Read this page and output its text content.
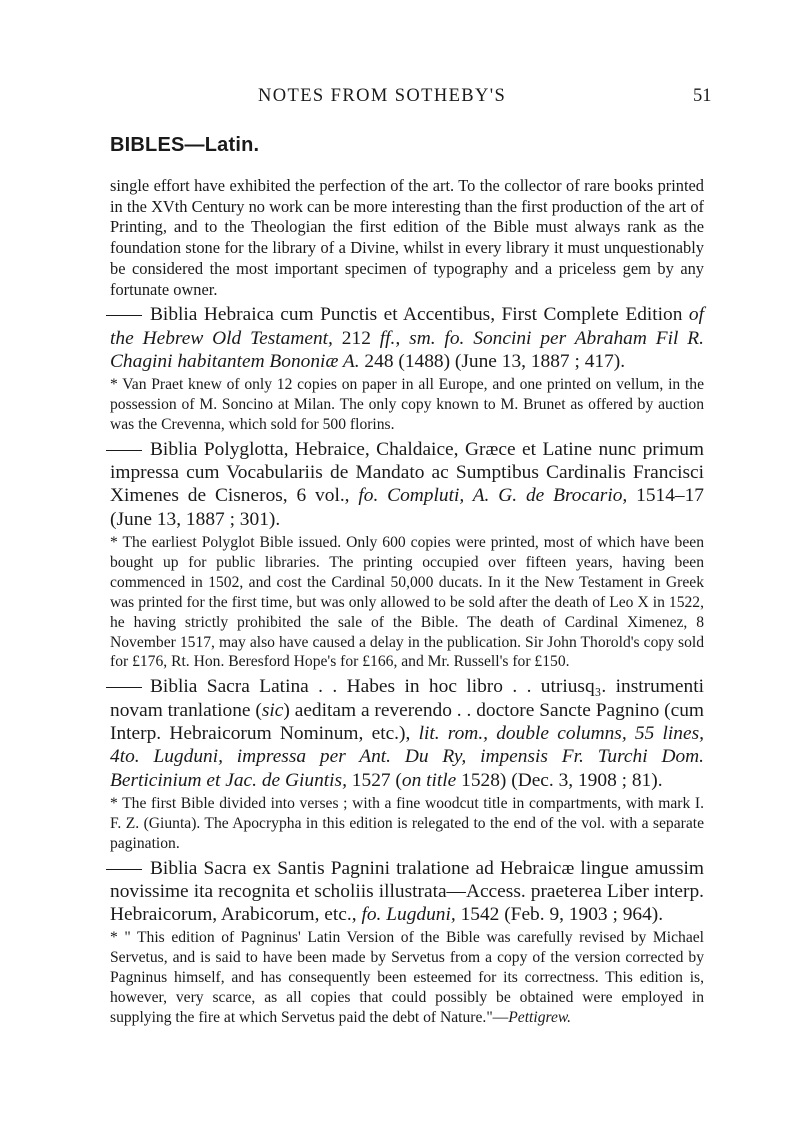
NOTES FROM SOTHEBY'S	51
BIBLES—Latin.

single effort have exhibited the perfection of the art. To the collector of rare books printed in the XVth Century no work can be more interesting than the first production of the art of Printing, and to the Theologian the first edition of the Bible must always rank as the foundation stone for the library of a Divine, whilst in every library it must unquestionably be considered the most important specimen of typography and a priceless gem by any fortunate owner.

Biblia Hebraica cum Punctis et Accentibus, First Complete Edition of the Hebrew Old Testament, 212 ff., sm. fo. Soncini per Abraham Fil R. Chagini habitantem Bononiæ A. 248 (1488) (June 13, 1887 ; 417).

* Van Praet knew of only 12 copies on paper in all Europe, and one printed on vellum, in the possession of M. Soncino at Milan. The only copy known to M. Brunet as offered by auction was the Crevenna, which sold for 500 florins.

Biblia Polyglotta, Hebraice, Chaldaice, Græce et Latine nunc primum impressa cum Vocabulariis de Mandato ac Sumptibus Cardinalis Francisci Ximenes de Cisneros, 6 vol., fo. Compluti, A. G. de Brocario, 1514–17 (June 13, 1887 ; 301).

* The earliest Polyglot Bible issued. Only 600 copies were printed, most of which have been bought up for public libraries. The printing occupied over fifteen years, having been commenced in 1502, and cost the Cardinal 50,000 ducats. In it the New Testament in Greek was printed for the first time, but was only allowed to be sold after the death of Leo X in 1522, he having strictly prohibited the sale of the Bible. The death of Cardinal Ximenez, 8 November 1517, may also have caused a delay in the publication. Sir John Thorold's copy sold for £176, Rt. Hon. Beresford Hope's for £166, and Mr. Russell's for £150.

Biblia Sacra Latina . . Habes in hoc libro . . utriusq₃. instrumenti novam tranlatione (sic) aeditam a reverendo . . doctore Sancte Pagnino (cum Interp. Hebraicorum Nominum, etc.), lit. rom., double columns, 55 lines, 4to. Lugduni, impressa per Ant. Du Ry, impensis Fr. Turchi Dom. Berticinium et Jac. de Giuntis, 1527 (on title 1528) (Dec. 3, 1908 ; 81).

* The first Bible divided into verses ; with a fine woodcut title in compartments, with mark I. F. Z. (Giunta). The Apocrypha in this edition is relegated to the end of the vol. with a separate pagination.

Biblia Sacra ex Santis Pagnini tralatione ad Hebraicæ lingue amussim novissime ita recognita et scholiis illustrata—Access. praeterea Liber interp. Hebraicorum, Arabicorum, etc., fo. Lugduni, 1542 (Feb. 9, 1903 ; 964).

* " This edition of Pagninus' Latin Version of the Bible was carefully revised by Michael Servetus, and is said to have been made by Servetus from a copy of the version corrected by Pagninus himself, and has consequently been esteemed for its correctness. This edition is, however, very scarce, as all copies that could possibly be obtained were employed in supplying the fire at which Servetus paid the debt of Nature."—Pettigrew.
